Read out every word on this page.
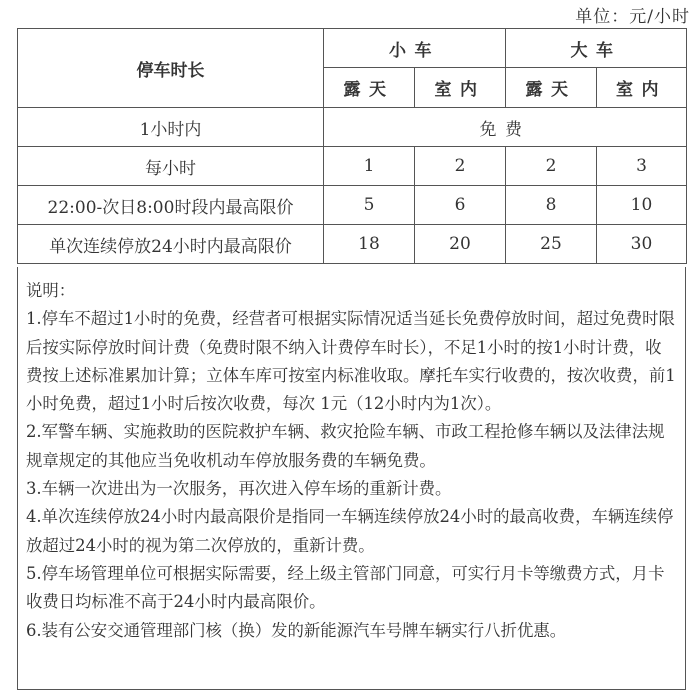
单位：元/小时
停车时长	小车		大车	
	露天	室内	露天	室内
1小时内	免费			
每小时	1	2	2	3
22:00-次日8:00时段内最高限价	5	6	8	10
单次连续停放24小时内最高限价	18	20	25	30

说明：

1.停车不超过1小时的免费，经营者可根据实际情况适当延长免费停放时间，超过免费时限后按实际停放时间计费（免费时限不纳入计费停车时长），不足1小时的按1小时计费，收费按上述标准累加计算；立体车库可按室内标准收取。摩托车实行收费的，按次收费，前1小时免费，超过1小时后按次收费，每次 1元（12小时内为1次）。

2.军警车辆、实施救助的医院救护车辆、救灾抢险车辆、市政工程抢修车辆以及法律法规规章规定的其他应当免收机动车停放服务费的车辆免费。

3.车辆一次进出为一次服务，再次进入停车场的重新计费。

4.单次连续停放24小时内最高限价是指同一车辆连续停放24小时的最高收费，车辆连续停放超过24小时的视为第二次停放的，重新计费。

5.停车场管理单位可根据实际需要，经上级主管部门同意，可实行月卡等缴费方式，月卡收费日均标准不高于24小时内最高限价。

6.装有公安交通管理部门核（换）发的新能源汽车号牌车辆实行八折优惠。
